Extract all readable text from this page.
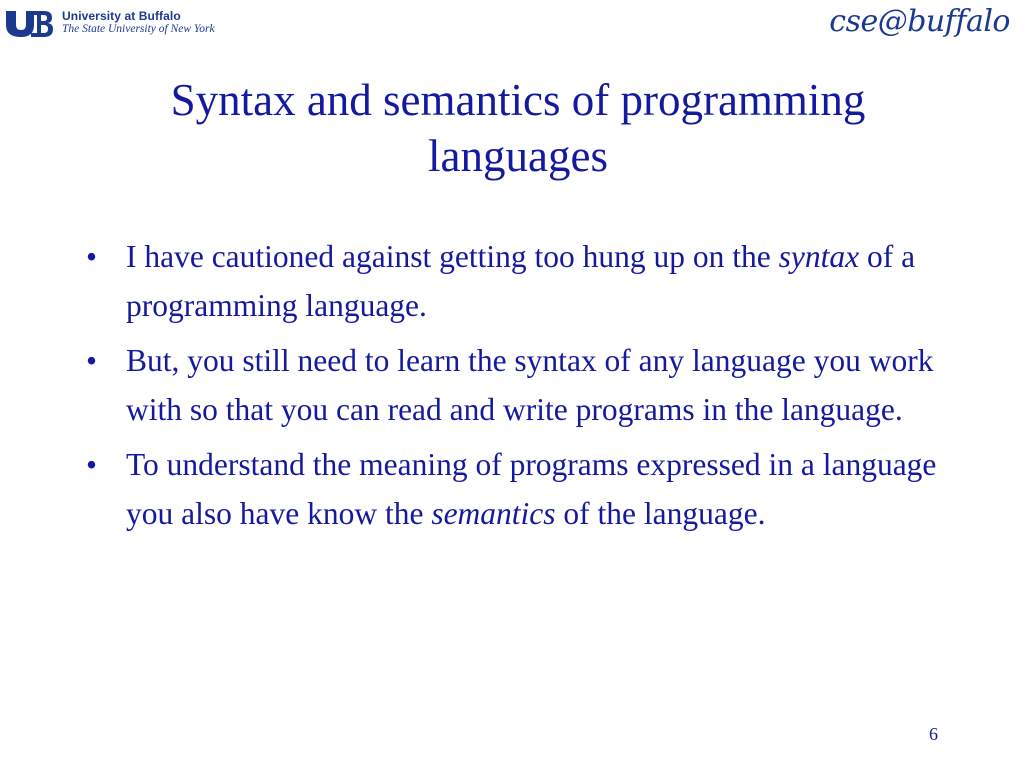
University at Buffalo
The State University of New York	cse@buffalo
Syntax and semantics of programming languages
• I have cautioned against getting too hung up on the syntax of a programming language.
• But, you still need to learn the syntax of any language you work with so that you can read and write programs in the language.
• To understand the meaning of programs expressed in a language you also have know the semantics of the language.
6
